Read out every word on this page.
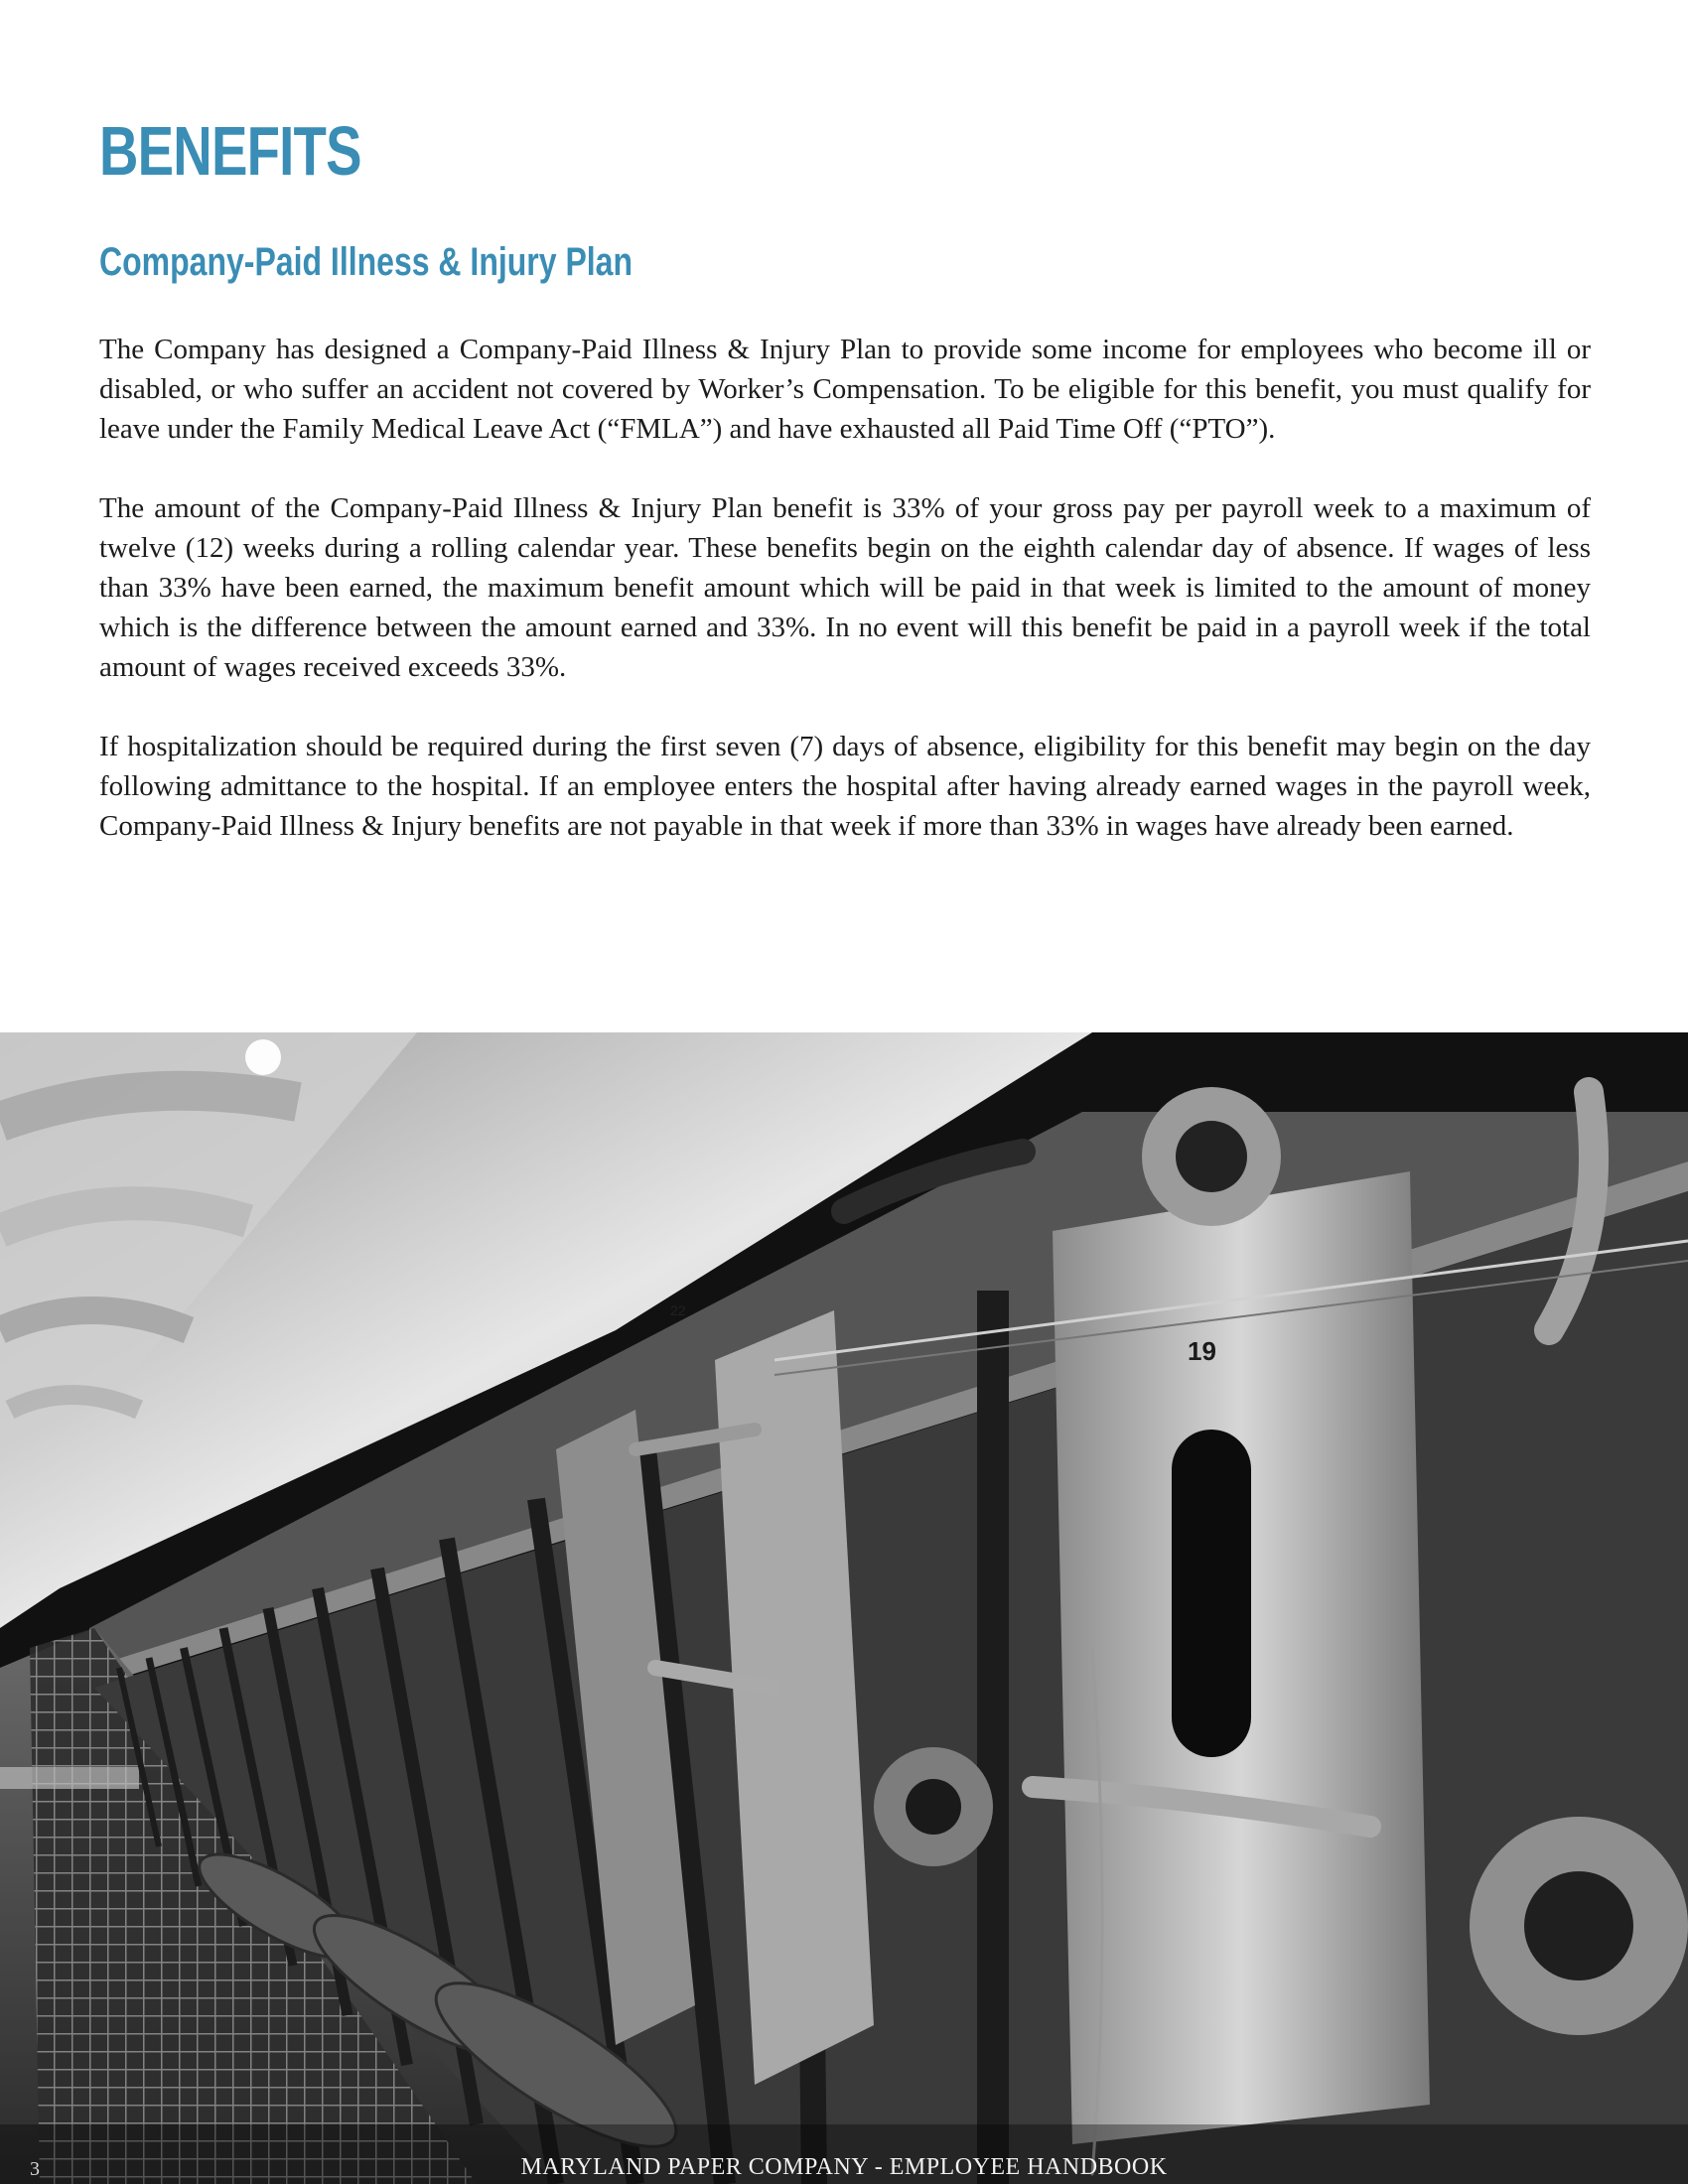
BENEFITS
Company-Paid Illness & Injury Plan

The Company has designed a Company-Paid Illness & Injury Plan to provide some income for employees who become ill or disabled, or who suffer an accident not covered by Worker’s Compensation. To be eligible for this benefit, you must qualify for leave under the Family Medical Leave Act (“FMLA”) and have exhausted all Paid Time Off (“PTO”).

The amount of the Company-Paid Illness & Injury Plan benefit is 33% of your gross pay per payroll week to a maximum of twelve (12) weeks during a rolling calendar year. These benefits begin on the eighth calendar day of absence. If wages of less than 33% have been earned, the maximum benefit amount which will be paid in that week is limited to the amount of money which is the difference between the amount earned and 33%. In no event will this benefit be paid in a payroll week if the total amount of wages received exceeds 33%.

If hospitalization should be required during the first seven (7) days of absence, eligibility for this benefit may begin on the day following admittance to the hospital. If an employee enters the hospital after having already earned wages in the payroll week, Company-Paid Illness & Injury benefits are not payable in that week if more than 33% in wages have already been earned.

19
22
3	MARYLAND PAPER COMPANY - EMPLOYEE HANDBOOK
